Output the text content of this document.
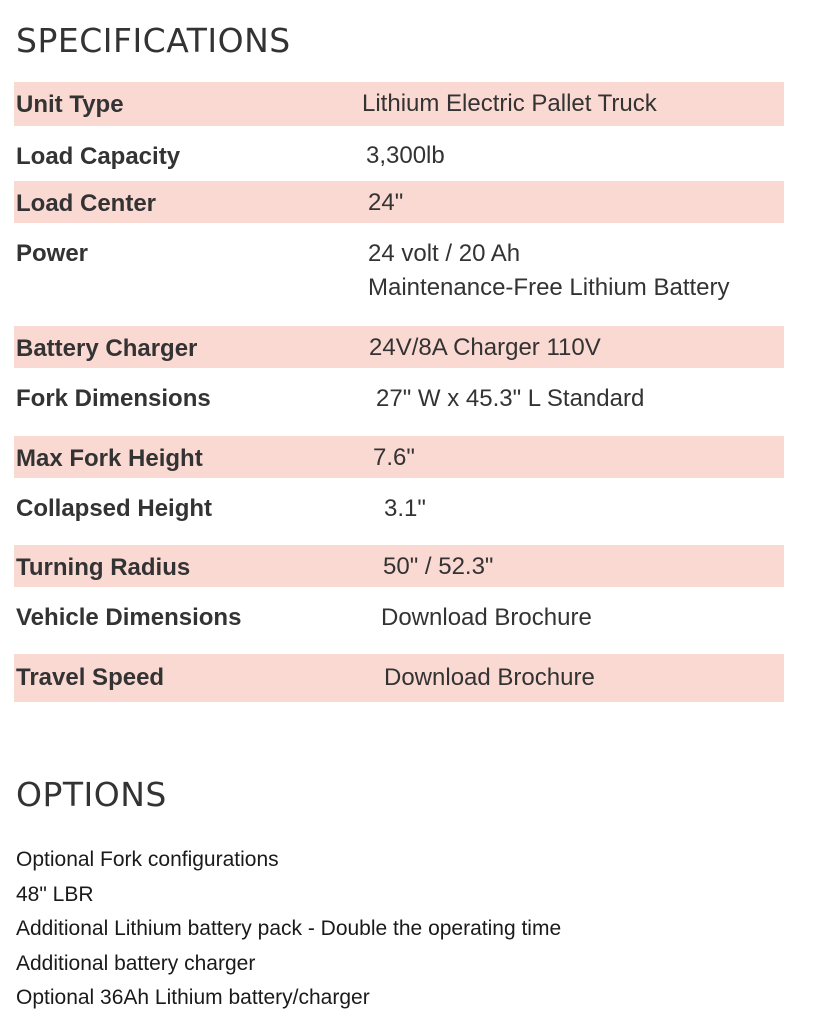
SPECIFICATIONS
Unit Type	Lithium Electric Pallet Truck
Load Capacity	3,300lb
Load Center	24"
Power	24 volt / 20 Ah
Maintenance-Free Lithium Battery
Battery Charger	24V/8A Charger 110V
Fork Dimensions	27" W x 45.3" L Standard
Max Fork Height	7.6"
Collapsed Height	3.1"
Turning Radius	50" / 52.3"
Vehicle Dimensions	Download Brochure
Travel Speed	Download Brochure
OPTIONS
Optional Fork configurations
48" LBR
Additional Lithium battery pack - Double the operating time
Additional battery charger
Optional 36Ah Lithium battery/charger
